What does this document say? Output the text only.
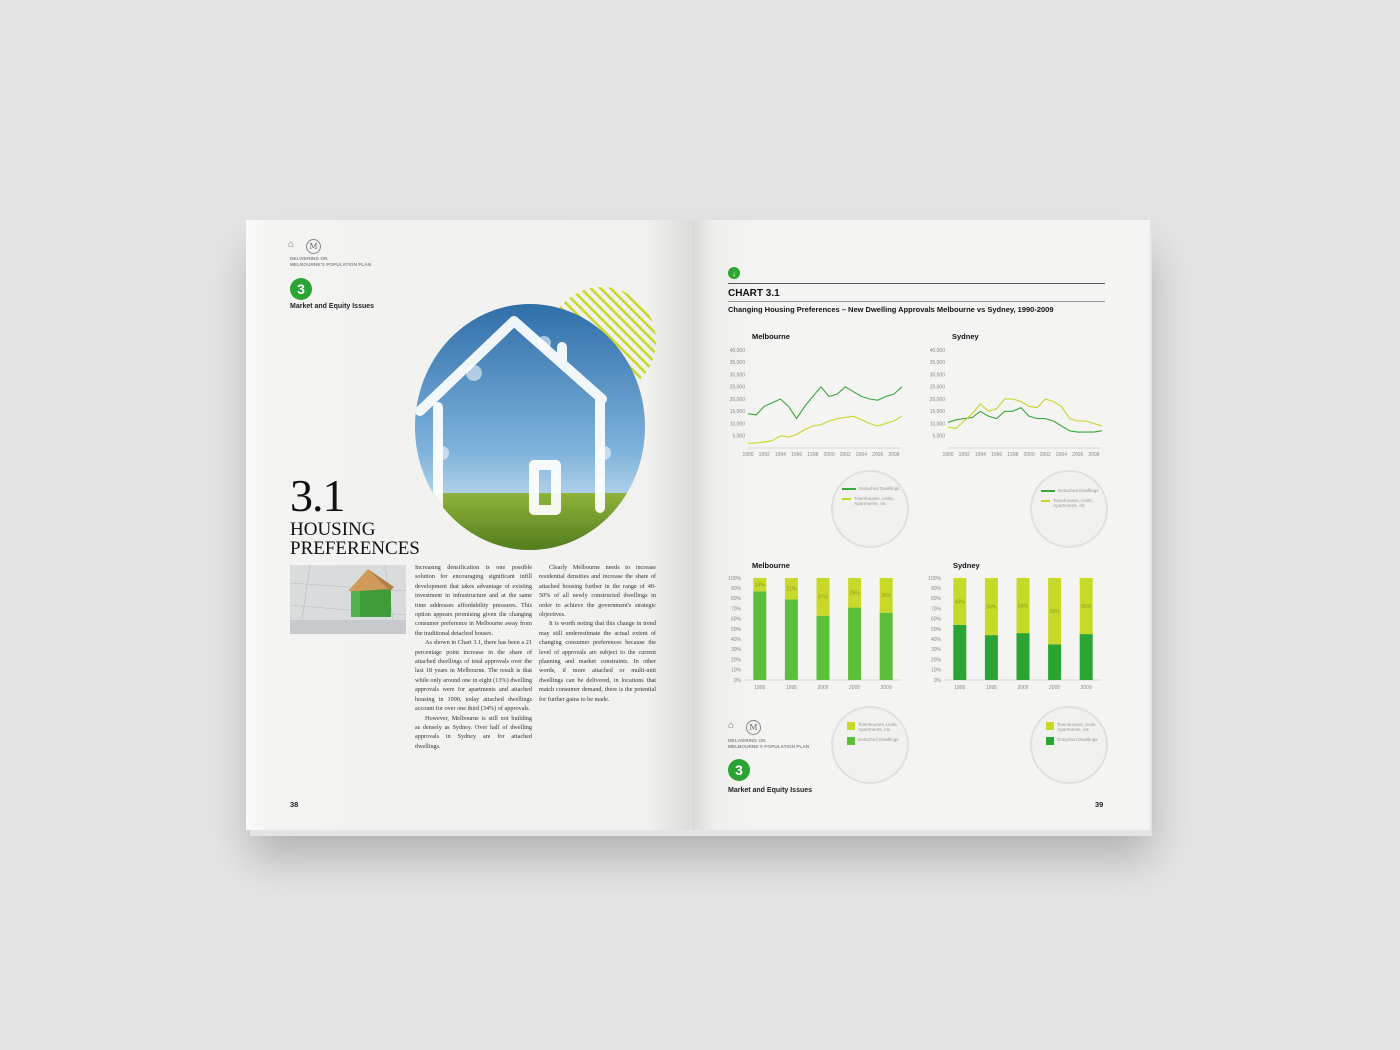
⌂	M
DELIVERING ON
MELBOURNE'S POPULATION PLAN
3
Market and Equity Issues
3.1
HOUSING
PREFERENCES

Increasing densification is one possible solution for encouraging significant infill development that takes advantage of existing investment in infrastructure and at the same time addresses affordability pressures. This option appears promising given the changing consumer preference in Melbourne away from the traditional detached houses.

As shown in Chart 3.1, there has been a 21 percentage point increase in the share of attached dwellings of total approvals over the last 18 years in Melbourne. The result is that while only around one in eight (13%) dwelling approvals were for apartments and attached housing in 1990, today attached dwellings account for over one third (34%) of approvals.

However, Melbourne is still not building as densely as Sydney. Over half of dwelling approvals in Sydney are for attached dwellings.

Clearly Melbourne needs to increase residential densities and increase the share of attached housing further in the range of 40-50% of all newly constructed dwellings in order to achieve the government's strategic objectives.

It is worth noting that this change in trend may still underestimate the actual extent of changing consumer preferences because the level of approvals are subject to the current planning and market constraints. In other words, if more attached or multi-unit dwellings can be delivered, in locations that match consumer demand, there is the potential for further gains to be made.

38
↓
CHART 3.1
Changing Housing Preferences – New Dwelling Approvals Melbourne vs Sydney, 1990-2009
Melbourne	Sydney
5,000
10,000
15,000
20,000
25,000
30,000
35,000
40,000
1990 1992 1994 1996 1998 2000 2002 2004 2006 2008
5,000
10,000
15,000
20,000
25,000
30,000
35,000
40,000
1990 1992 1994 1996 1998 2000 2002 2004 2006 2008
Detached Dwellings
Townhouses, Units, Apartments, etc
Detached Dwellings
Townhouses, Units, Apartments, etc
Melbourne	Sydney
0%
10%
20%
30%
40%
50%
60%
70%
80%
90%
100%
13%
1990
21%
1995
37%
2000
29%
2005
34%
2009
0%
10%
20%
30%
40%
50%
60%
70%
80%
90%
100%
46%
1990
56%
1995
54%
2000
65%
2005
55%
2009
Townhouses, Units, Apartments, etc
Detached Dwellings
Townhouses, Units, Apartments, etc
Detached Dwellings
⌂	M
DELIVERING ON
MELBOURNE'S POPULATION PLAN
3
Market and Equity Issues
39
